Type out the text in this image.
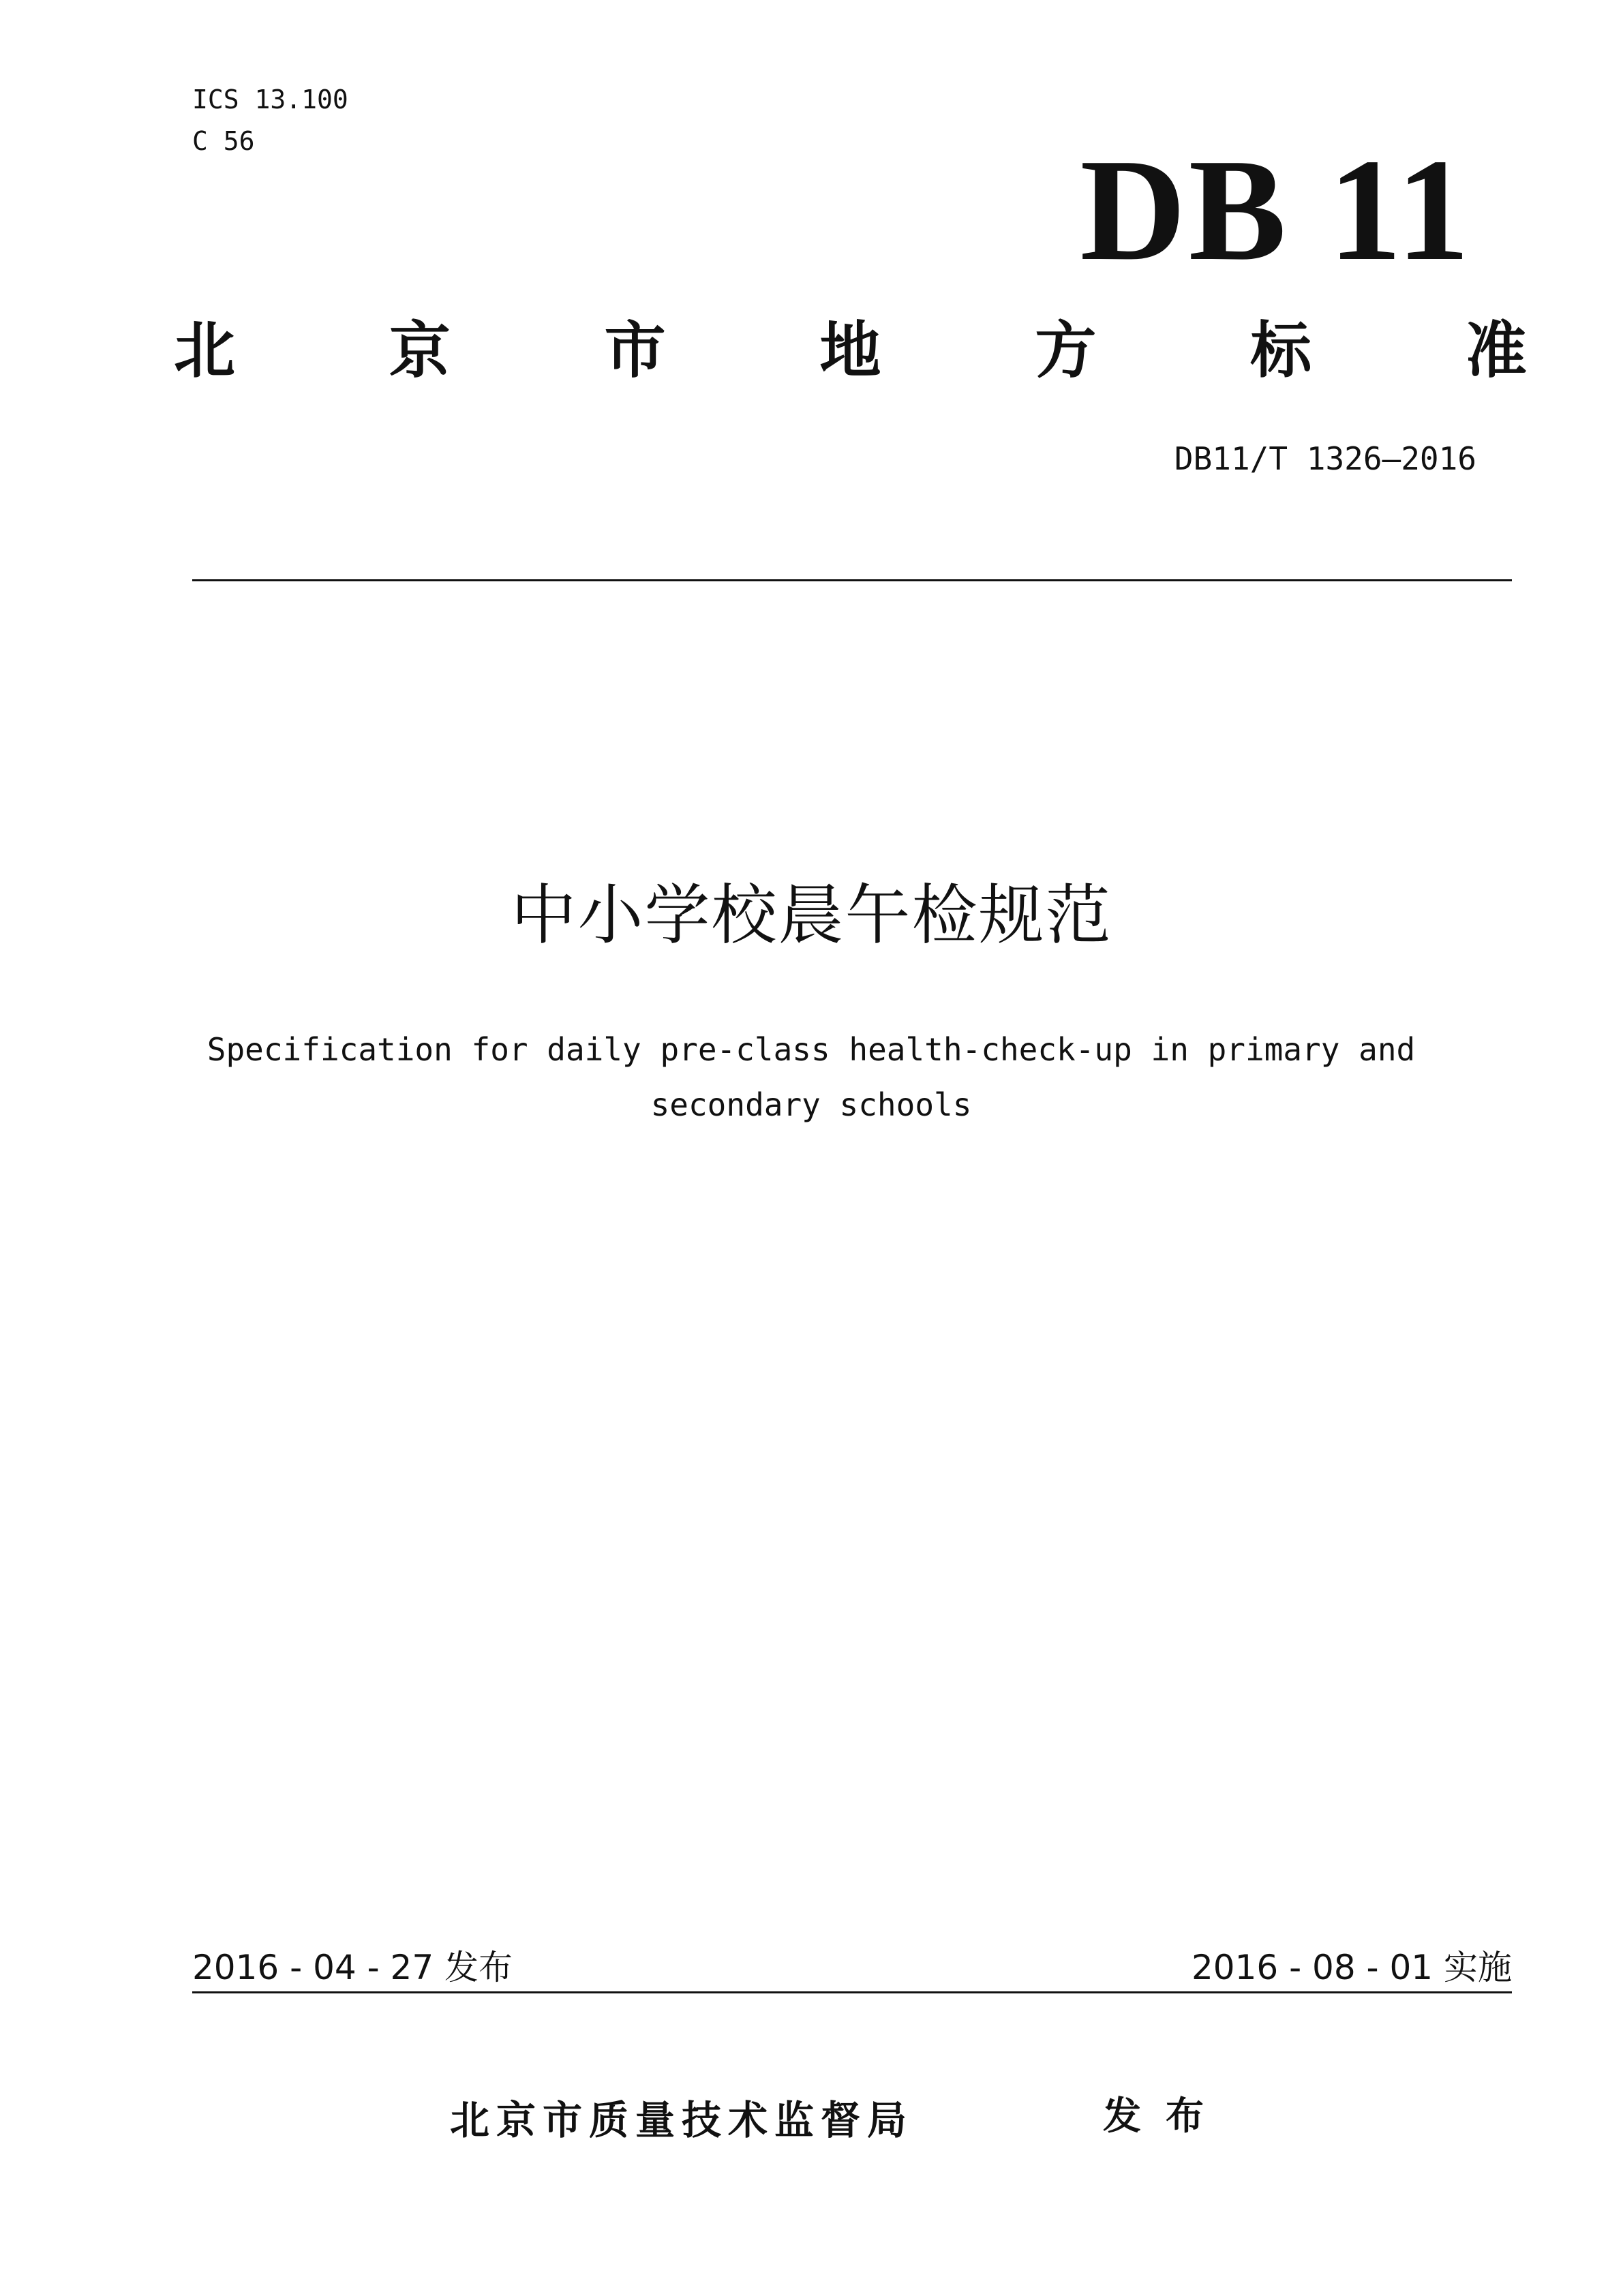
ICS 13.100
C 56	DB 11
北	京	市	地	方	标	准
DB11/T 1326—2016
中小学校晨午检规范
Specification for daily pre-class health-check-up in primary and secondary schools
2016 - 04 - 27 发布	2016 - 08 - 01 实施
北京市质量技术监督局	发布
